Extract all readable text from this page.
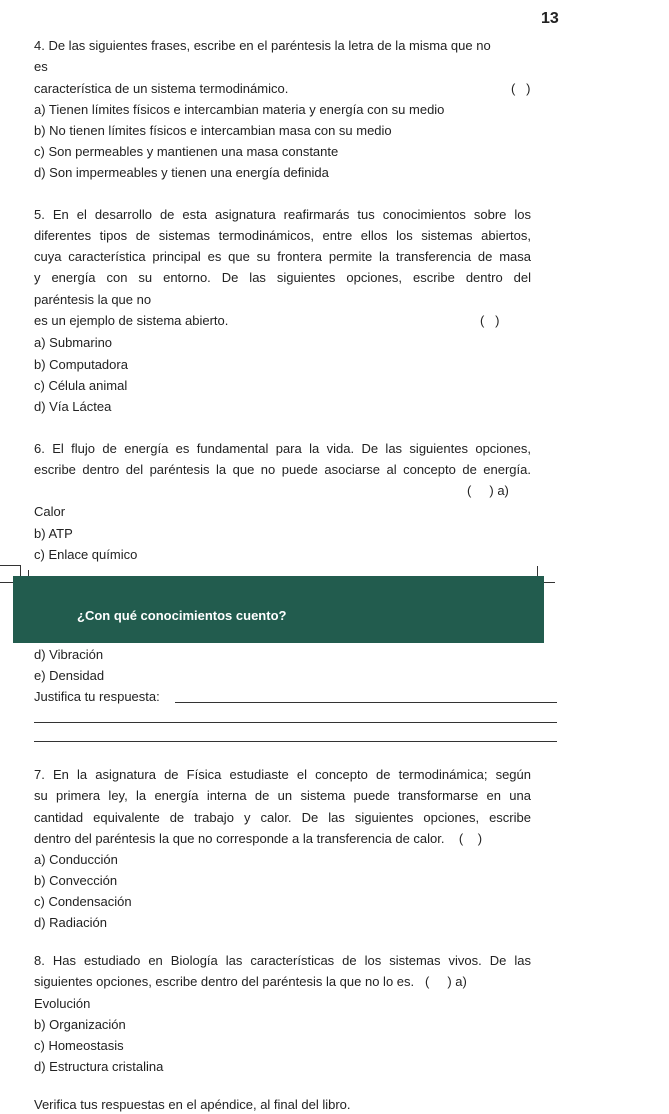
13
4. De las siguientes frases, escribe en el paréntesis la letra de la misma que no
es
característica de un sistema termodinámico.	(   )
a) Tienen límites físicos e intercambian materia y energía con su medio
b) No tienen límites físicos e intercambian masa con su medio
c) Son permeables y mantienen una masa constante
d) Son impermeables y tienen una energía definida
5. En el desarrollo de esta asignatura reafirmarás tus conocimientos sobre los
diferentes tipos de sistemas termodinámicos, entre ellos los sistemas abiertos,
cuya característica principal es que su frontera permite la transferencia de masa
y energía con su entorno. De las siguientes opciones, escribe dentro del
paréntesis la que no
es un ejemplo de sistema abierto.	(   )
a) Submarino
b) Computadora
c) Célula animal
d) Vía Láctea
6. El flujo de energía es fundamental para la vida. De las siguientes opciones,
escribe dentro del paréntesis la que no puede asociarse al concepto de energía.
(     ) a)
Calor
b) ATP
c) Enlace químico
¿Con qué conocimientos cuento?
d) Vibración
e) Densidad
Justifica tu respuesta:
7. En la asignatura de Física estudiaste el concepto de termodinámica; según
su primera ley, la energía interna de un sistema puede transformarse en una
cantidad equivalente de trabajo y calor. De las siguientes opciones, escribe
dentro del paréntesis la que no corresponde a la transferencia de calor.    (    )
a) Conducción
b) Convección
c) Condensación
d) Radiación
8. Has estudiado en Biología las características de los sistemas vivos. De las
siguientes opciones, escribe dentro del paréntesis la que no lo es.   (     ) a)
Evolución
b) Organización
c) Homeostasis
d) Estructura cristalina
Verifica tus respuestas en el apéndice, al final del libro.
